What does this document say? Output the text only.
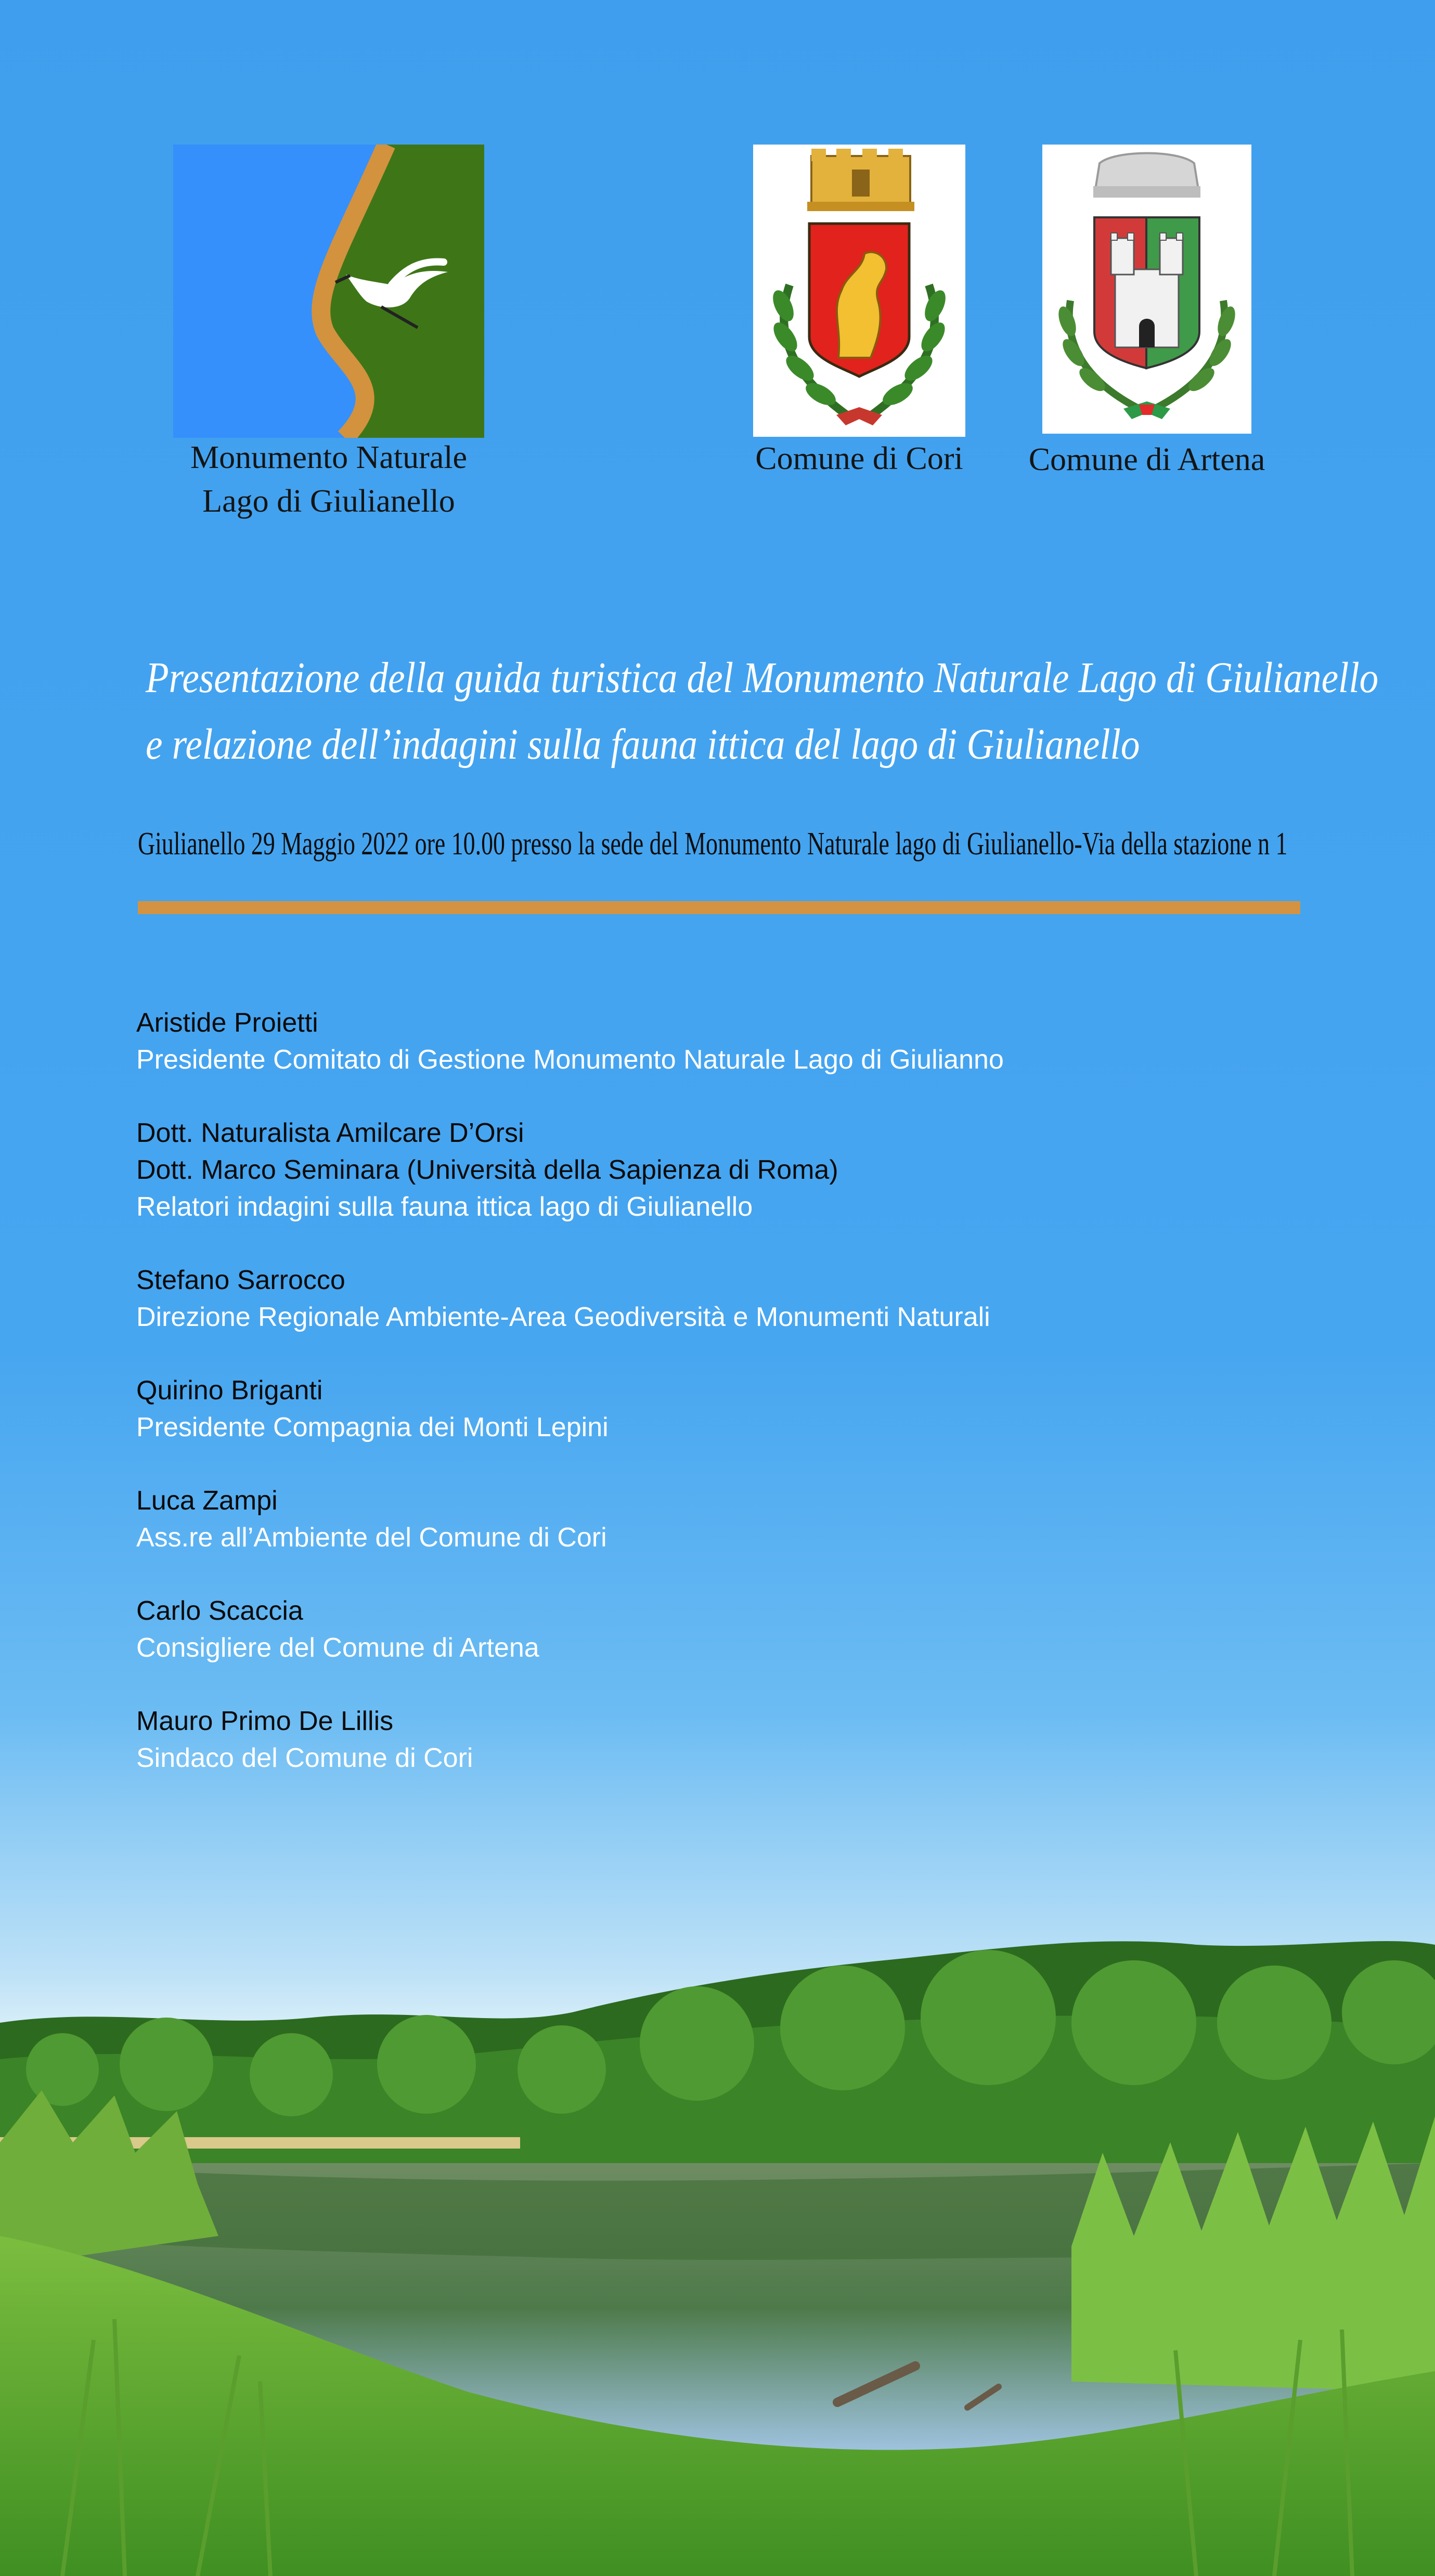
Monumento Naturale
Lago di Giulianello
Comune di Cori	Comune di Artena
Presentazione della guida turistica del Monumento Naturale Lago di Giulianello
e relazione dell’indagini sulla fauna ittica del lago di Giulianello
Giulianello 29 Maggio 2022 ore 10.00 presso la sede del Monumento Naturale lago di Giulianello-Via della stazione n 1
Aristide Proietti
Presidente Comitato di Gestione Monumento Naturale Lago di Giulianno
Dott. Naturalista Amilcare D’Orsi
Dott. Marco Seminara (Università della Sapienza di Roma)
Relatori indagini sulla fauna ittica lago di Giulianello
Stefano Sarrocco
Direzione Regionale Ambiente-Area Geodiversità e Monumenti Naturali
Quirino Briganti
Presidente Compagnia dei Monti Lepini
Luca Zampi
Ass.re all’Ambiente del Comune di Cori
Carlo Scaccia
Consigliere del Comune di Artena
Mauro Primo De Lillis
Sindaco del Comune di Cori
